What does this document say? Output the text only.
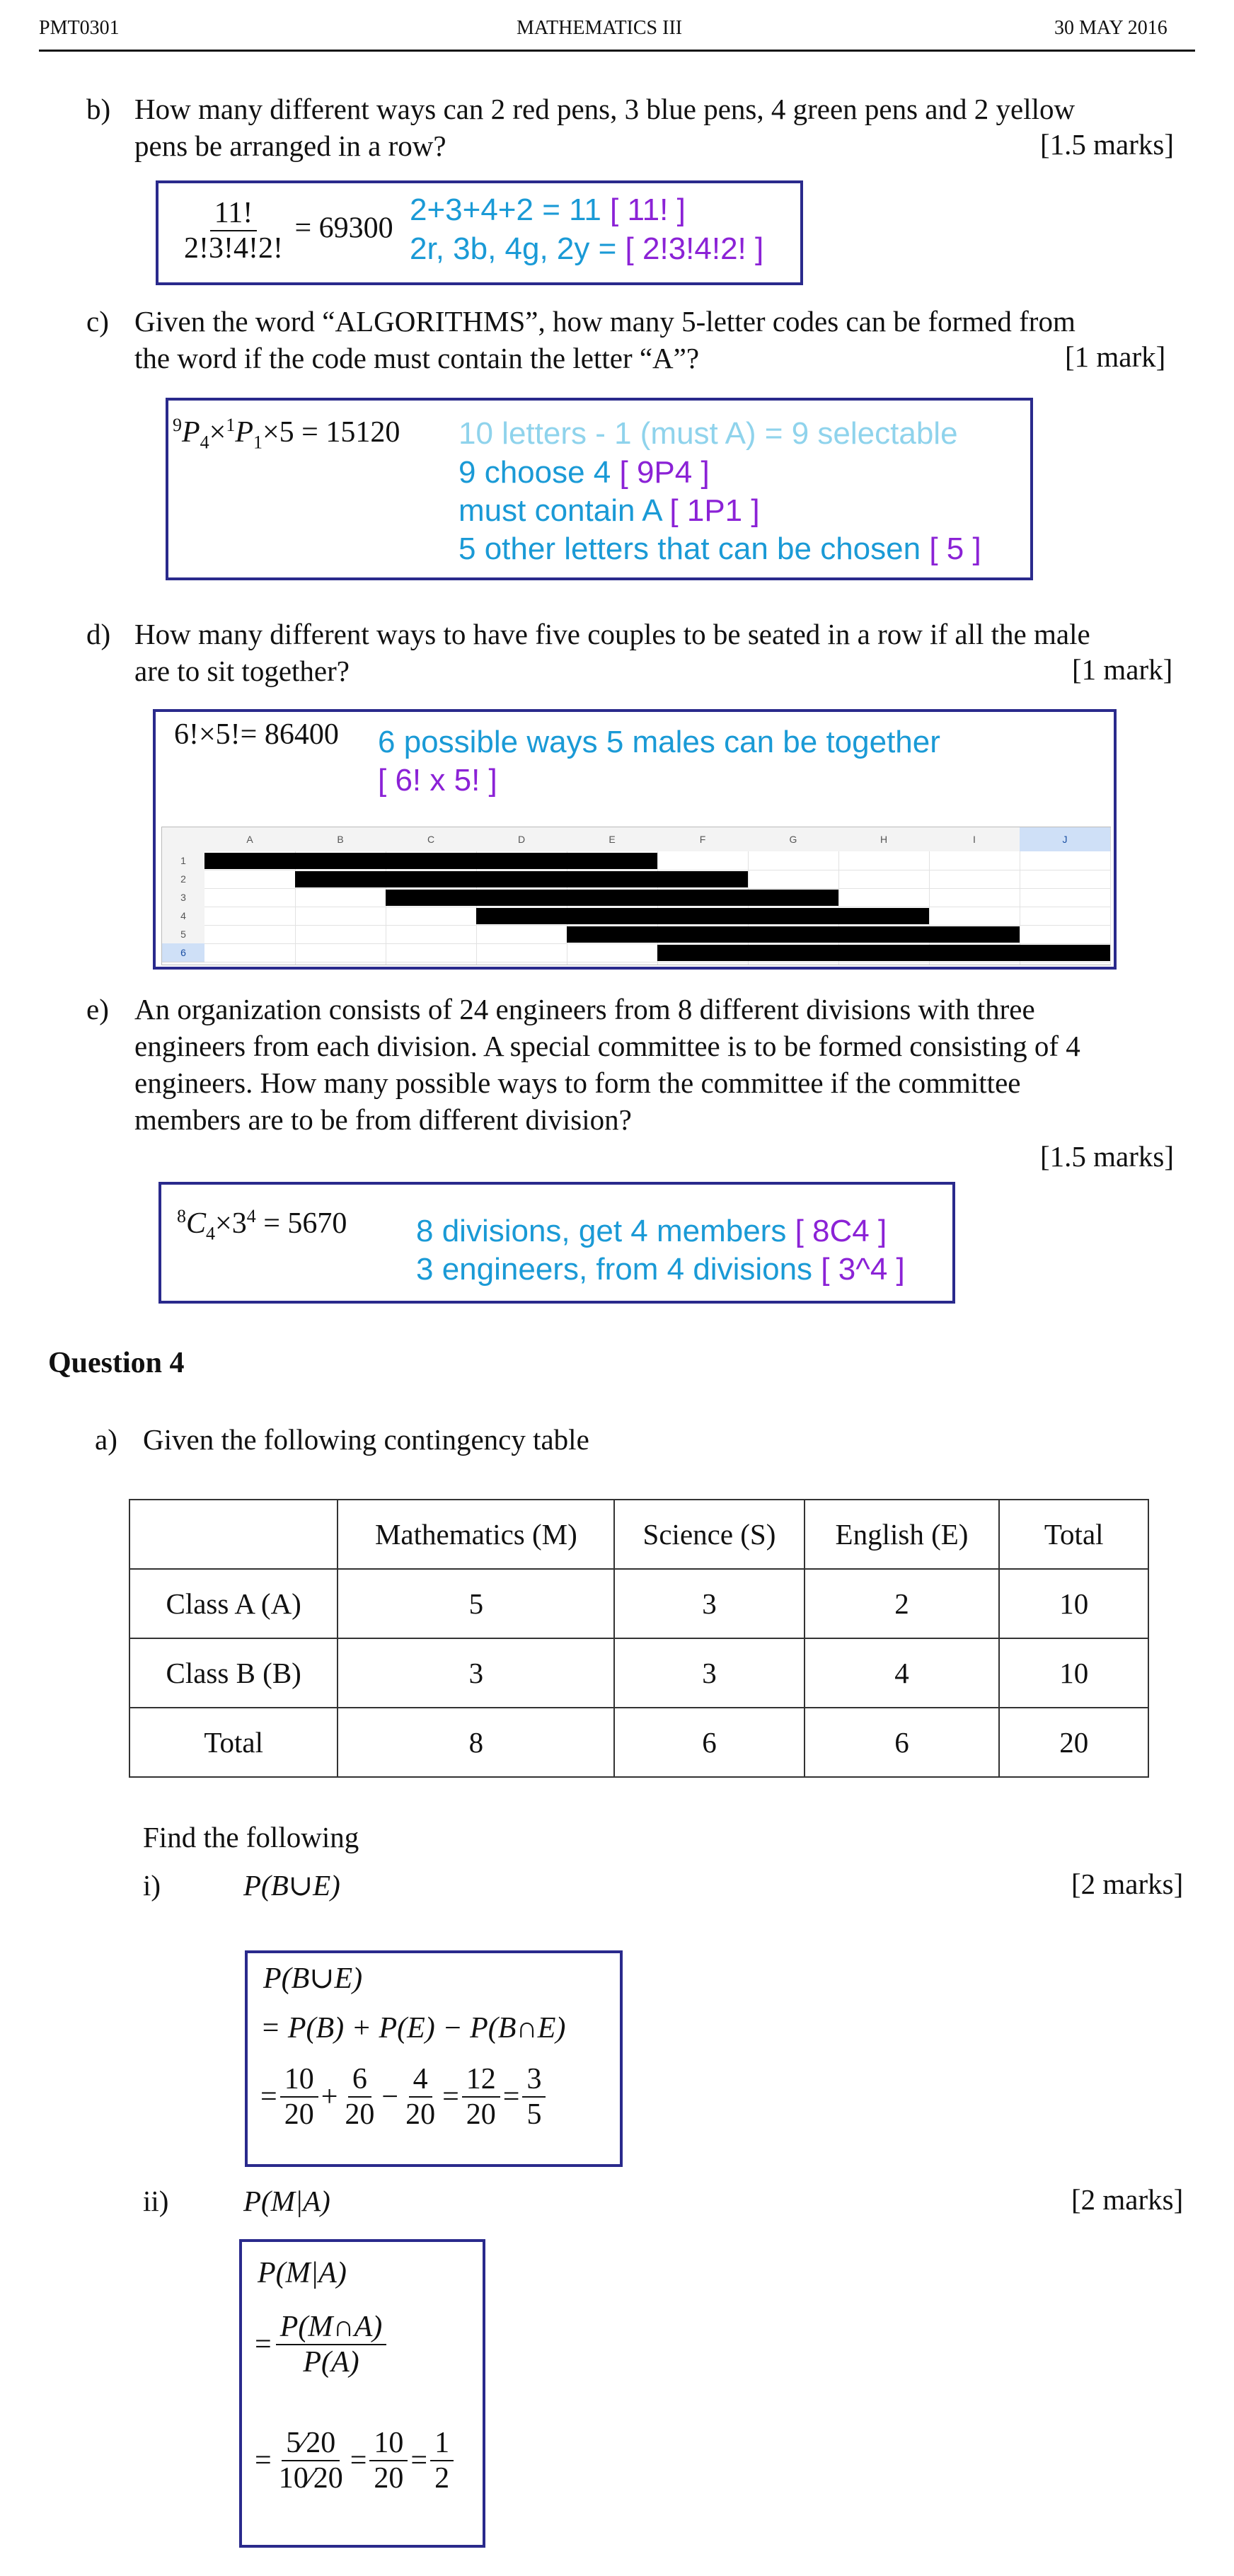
PMT0301	MATHEMATICS III	30 MAY 2016
b) How many different ways can 2 red pens, 3 blue pens, 4 green pens and 2 yellow
pens be arranged in a row?	[1.5 marks]
$\frac{11!}{2!3!4!2!} = 69300$
2+3+4+2 = 11 [ 11! ]
2r, 3b, 4g, 2y = [ 2!3!4!2! ]
c) Given the word “ALGORITHMS”, how many 5-letter codes can be formed from
the word if the code must contain the letter “A”?	[1 mark]
$^9P_4\times^1P_1\times 5 = 15120$ 10 letters - 1 (must A) = 9 selectable
9 choose 4 [ 9P4 ]
must contain A [ 1P1 ]
5 other letters that can be chosen [ 5 ]
d) How many different ways to have five couples to be seated in a row if all the male
are to sit together?	[1 mark]
6!×5!= 86400 6 possible ways 5 males can be together
[ 6! x 5! ]
A	B	C	D	E	F	G	H	I	J
1
2
3
4
5
6
e) An organization consists of 24 engineers from 8 different divisions with three
engineers from each division. A special committee is to be formed consisting of 4
engineers. How many possible ways to form the committee if the committee
members are to be from different division?
[1.5 marks]
$^8C_4\times 3^4 = 5670$ 8 divisions, get 4 members [ 8C4 ]
3 engineers, from 4 divisions [ 3^4 ]
Question 4
a) Given the following contingency table
	Mathematics (M)	Science (S)	English (E)	Total
Class A (A)	5	3	2	10
Class B (B)	3	3	4	10
Total	8	6	6	20
Find the following
i)	P(B∪E)	[2 marks]
P(B∪E)
= P(B) + P(E) − P(B∩E)
= $\frac{10}{20} + \frac{6}{20} - \frac{4}{20} = \frac{12}{20} = \frac{3}{5}$
ii)	P(M|A)	[2 marks]
P(M|A)
= $\frac{P(M\cap A)}{P(A)}$
= $\frac{5⁄20}{10⁄20} = \frac{10}{20} = \frac{1}{2}$
